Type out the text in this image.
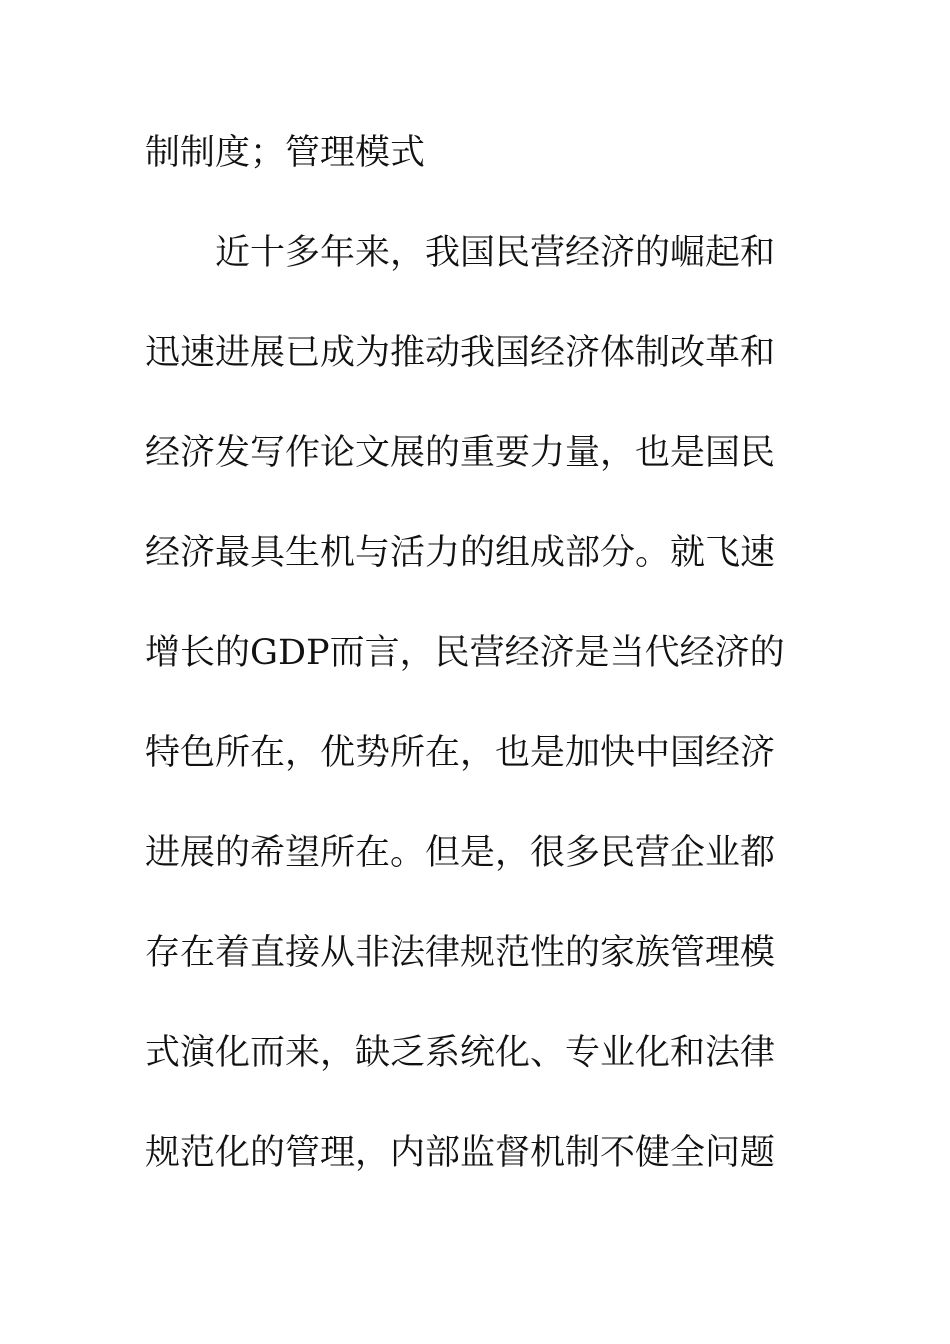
制制度；管理模式
近十多年来，我国民营经济的崛起和
迅速进展已成为推动我国经济体制改革和
经济发写作论文展的重要力量，也是国民
经济最具生机与活力的组成部分。就飞速
增长的GDP而言，民营经济是当代经济的
特色所在，优势所在，也是加快中国经济
进展的希望所在。但是，很多民营企业都
存在着直接从非法律规范性的家族管理模
式演化而来，缺乏系统化、专业化和法律
规范化的管理，内部监督机制不健全问题
